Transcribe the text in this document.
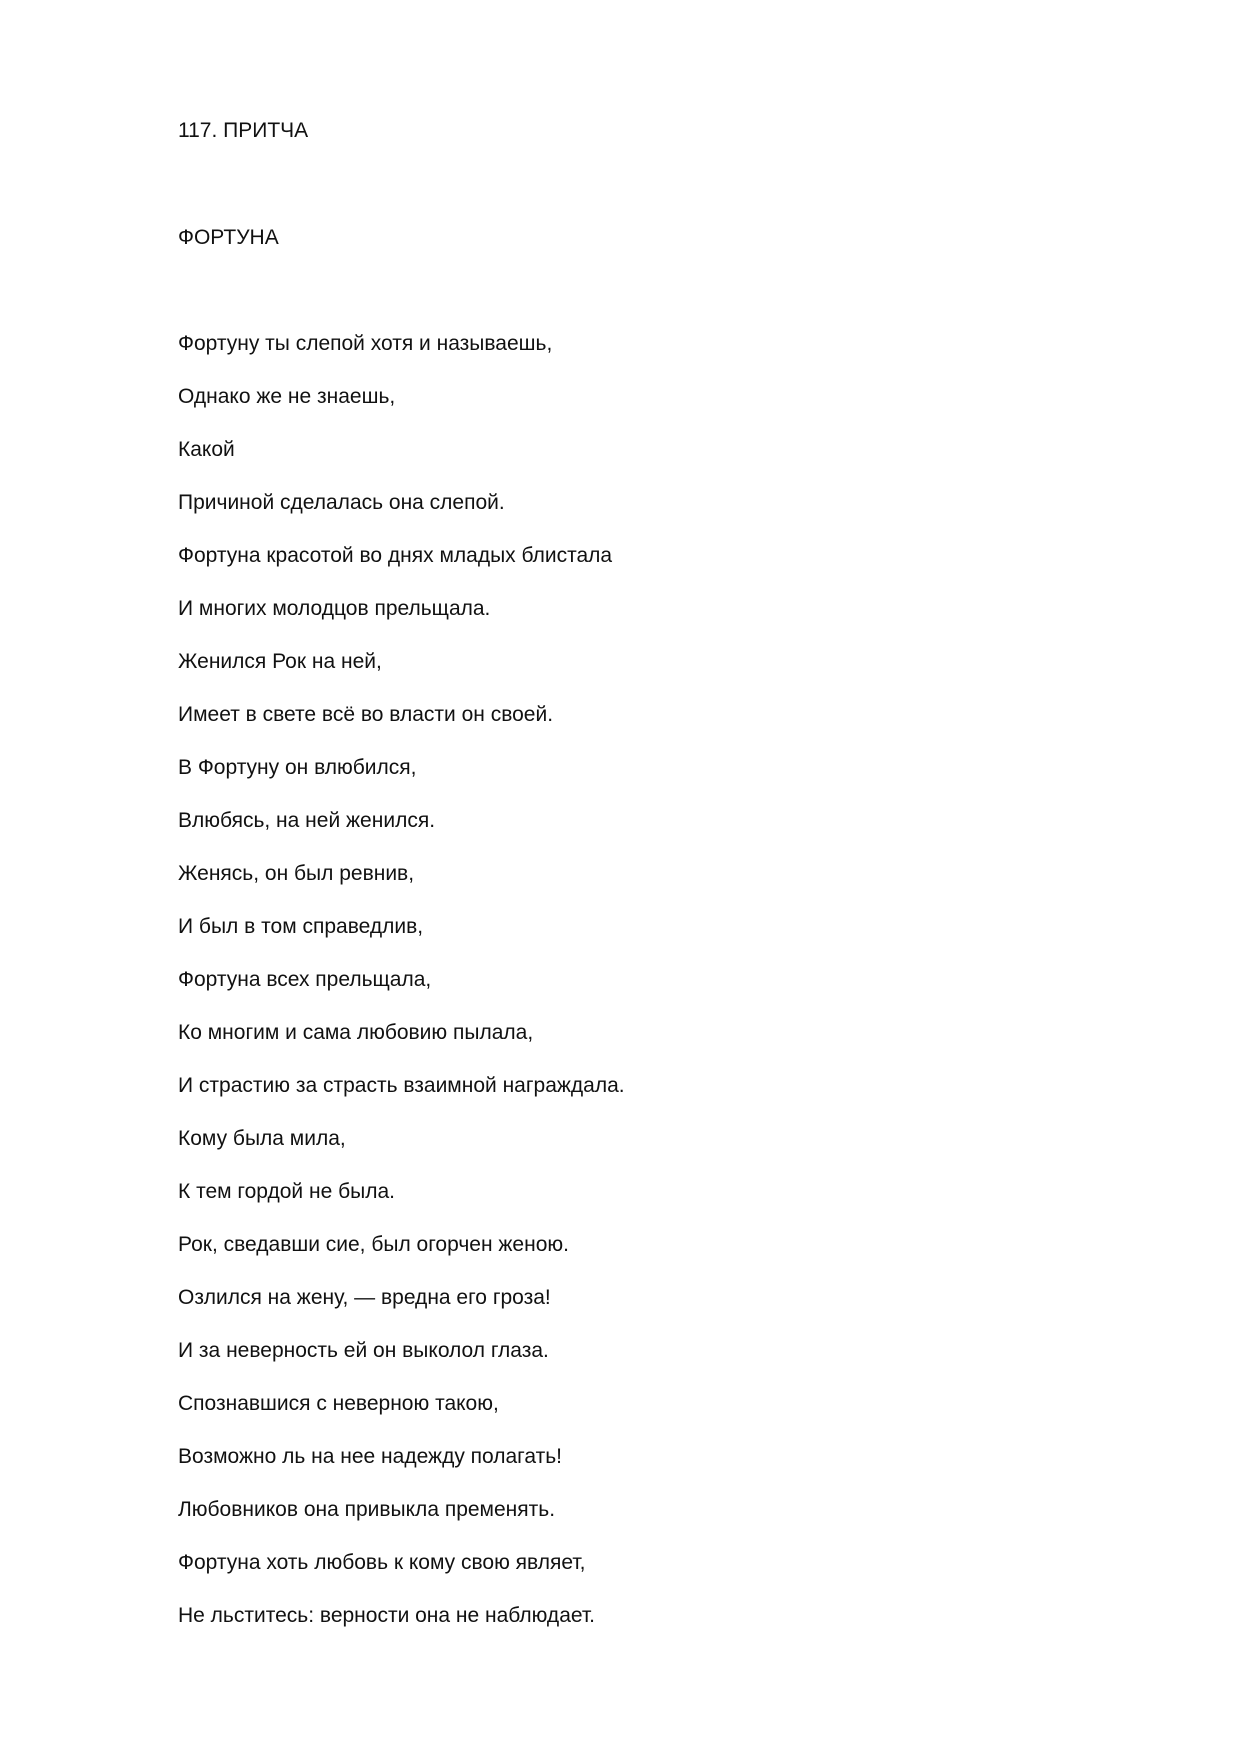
117. ПРИТЧА
ФОРТУНА
Фортуну ты слепой хотя и называешь,
Однако же не знаешь,
Какой
Причиной сделалась она слепой.
Фортуна красотой во днях младых блистала
И многих молодцов прельщала.
Женился Рок на ней,
Имеет в свете всё во власти он своей.
В Фортуну он влюбился,
Влюбясь, на ней женился.
Женясь, он был ревнив,
И был в том справедлив,
Фортуна всех прельщала,
Ко многим и сама любовию пылала,
И страстию за страсть взаимной награждала.
Кому была мила,
К тем гордой не была.
Рок, сведавши сие, был огорчен женою.
Озлился на жену, — вредна его гроза!
И за неверность ей он выколол глаза.
Спознавшися с неверною такою,
Возможно ль на нее надежду полагать!
Любовников она привыкла пременять.
Фортуна хоть любовь к кому свою являет,
Не льститесь: верности она не наблюдает.
